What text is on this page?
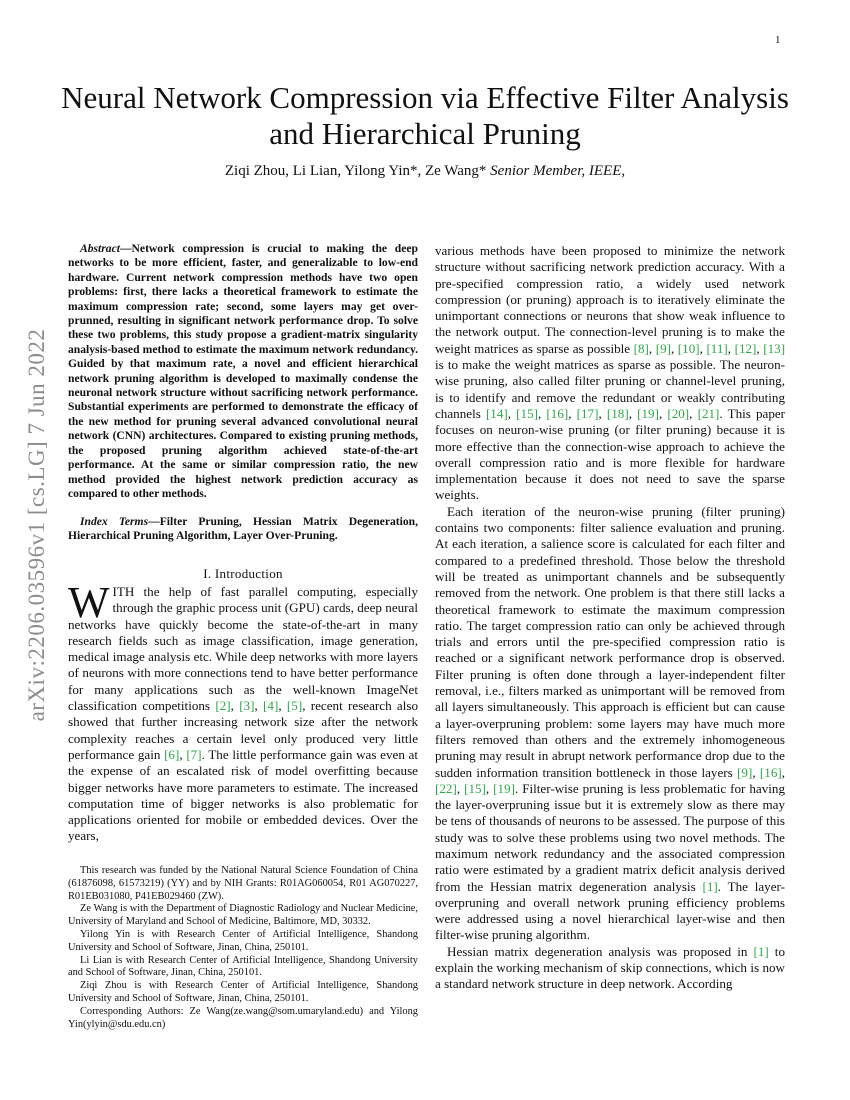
1
arXiv:2206.03596v1 [cs.LG] 7 Jun 2022
Neural Network Compression via Effective Filter Analysis and Hierarchical Pruning
Ziqi Zhou, Li Lian, Yilong Yin*, Ze Wang* Senior Member, IEEE,
Abstract—Network compression is crucial to making the deep networks to be more efficient, faster, and generalizable to low-end hardware. Current network compression methods have two open problems: first, there lacks a theoretical framework to estimate the maximum compression rate; second, some layers may get over-prunned, resulting in significant network performance drop. To solve these two problems, this study propose a gradient-matrix singularity analysis-based method to estimate the maximum network redundancy. Guided by that maximum rate, a novel and efficient hierarchical network pruning algorithm is developed to maximally condense the neuronal network structure without sacrificing network performance. Substantial experiments are performed to demonstrate the efficacy of the new method for pruning several advanced convolutional neural network (CNN) architectures. Compared to existing pruning methods, the proposed pruning algorithm achieved state-of-the-art performance. At the same or similar compression ratio, the new method provided the highest network prediction accuracy as compared to other methods.
Index Terms—Filter Pruning, Hessian Matrix Degeneration, Hierarchical Pruning Algorithm, Layer Over-Pruning.
I. Introduction
WITH the help of fast parallel computing, especially through the graphic process unit (GPU) cards, deep neural networks have quickly become the state-of-the-art in many research fields such as image classification, image generation, medical image analysis etc. While deep networks with more layers of neurons with more connections tend to have better performance for many applications such as the well-known ImageNet classification competitions [2], [3], [4], [5], recent research also showed that further increasing network size after the network complexity reaches a certain level only produced very little performance gain [6], [7]. The little performance gain was even at the expense of an escalated risk of model overfitting because bigger networks have more parameters to estimate. The increased computation time of bigger networks is also problematic for applications oriented for mobile or embedded devices. Over the years,

This research was funded by the National Natural Science Foundation of China (61876098, 61573219) (YY) and by NIH Grants: R01AG060054, R01 AG070227, R01EB031080, P41EB029460 (ZW).

Ze Wang is with the Department of Diagnostic Radiology and Nuclear Medicine, University of Maryland and School of Medicine, Baltimore, MD, 30332.

Yilong Yin is with Research Center of Artificial Intelligence, Shandong University and School of Software, Jinan, China, 250101.

Li Lian is with Research Center of Artificial Intelligence, Shandong University and School of Software, Jinan, China, 250101.

Ziqi Zhou is with Research Center of Artificial Intelligence, Shandong University and School of Software, Jinan, China, 250101.

Corresponding Authors: Ze Wang(ze.wang@som.umaryland.edu) and Yilong Yin(ylyin@sdu.edu.cn)

various methods have been proposed to minimize the network structure without sacrificing network prediction accuracy. With a pre-specified compression ratio, a widely used network compression (or pruning) approach is to iteratively eliminate the unimportant connections or neurons that show weak influence to the network output. The connection-level pruning is to make the weight matrices as sparse as possible [8], [9], [10], [11], [12], [13] is to make the weight matrices as sparse as possible. The neuron-wise pruning, also called filter pruning or channel-level pruning, is to identify and remove the redundant or weakly contributing channels [14], [15], [16], [17], [18], [19], [20], [21]. This paper focuses on neuron-wise pruning (or filter pruning) because it is more effective than the connection-wise approach to achieve the overall compression ratio and is more flexible for hardware implementation because it does not need to save the sparse weights.

Each iteration of the neuron-wise pruning (filter pruning) contains two components: filter salience evaluation and pruning. At each iteration, a salience score is calculated for each filter and compared to a predefined threshold. Those below the threshold will be treated as unimportant channels and be subsequently removed from the network. One problem is that there still lacks a theoretical framework to estimate the maximum compression ratio. The target compression ratio can only be achieved through trials and errors until the pre-specified compression ratio is reached or a significant network performance drop is observed. Filter pruning is often done through a layer-independent filter removal, i.e., filters marked as unimportant will be removed from all layers simultaneously. This approach is efficient but can cause a layer-overpruning problem: some layers may have much more filters removed than others and the extremely inhomogeneous pruning may result in abrupt network performance drop due to the sudden information transition bottleneck in those layers [9], [16], [22], [15], [19]. Filter-wise pruning is less problematic for having the layer-overpruning issue but it is extremely slow as there may be tens of thousands of neurons to be assessed. The purpose of this study was to solve these problems using two novel methods. The maximum network redundancy and the associated compression ratio were estimated by a gradient matrix deficit analysis derived from the Hessian matrix degeneration analysis [1]. The layer-overpruning and overall network pruning efficiency problems were addressed using a novel hierarchical layer-wise and then filter-wise pruning algorithm.

Hessian matrix degeneration analysis was proposed in [1] to explain the working mechanism of skip connections, which is now a standard network structure in deep network. According
